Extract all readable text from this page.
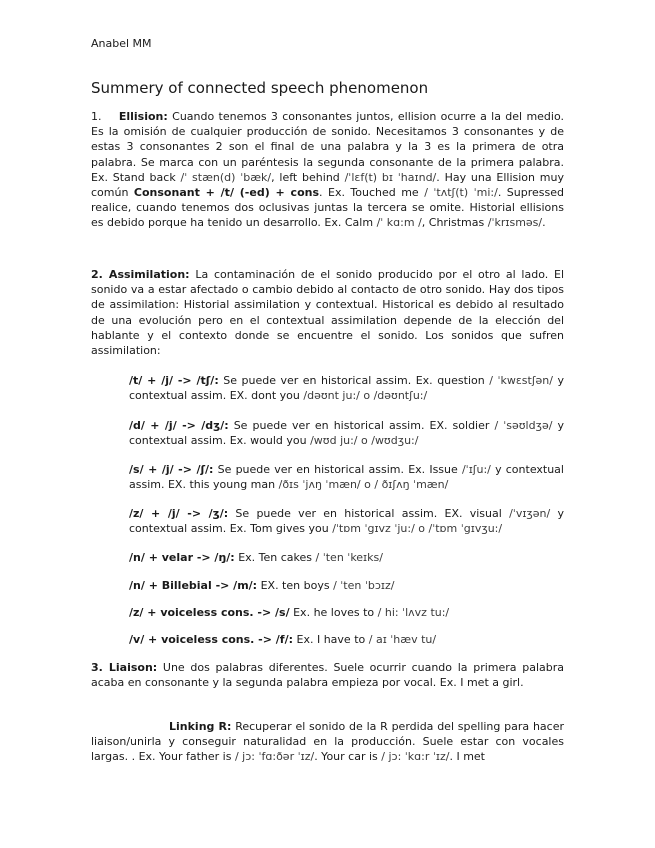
Anabel MM
Summery of connected speech phenomenon

1. Ellision: Cuando tenemos 3 consonantes juntos, ellision ocurre a la del medio. Es la omisión de cualquier producción de sonido. Necesitamos 3 consonantes y de estas 3 consonantes 2 son el final de una palabra y la 3 es la primera de otra palabra. Se marca con un paréntesis la segunda consonante de la primera palabra. Ex. Stand back /ˈ stæn(d) ˈbæk/, left behind /ˈlɛf(t) bɪ ˈhaɪnd/. Hay una Ellision muy común Consonant + /t/ (-ed) + cons. Ex. Touched me / ˈtʌtʃ(t) ˈmi:/. Supressed realice, cuando tenemos dos oclusivas juntas la tercera se omite. Historial ellisions es debido porque ha tenido un desarrollo. Ex. Calm /ˈ kɑ:m /, Christmas /ˈkrɪsməs/.

2. Assimilation: La contaminación de el sonido producido por el otro al lado. El sonido va a estar afectado o cambio debido al contacto de otro sonido. Hay dos tipos de assimilation: Historial assimilation y contextual. Historical es debido al resultado de una evolución pero en el contextual assimilation depende de la elección del hablante y el contexto donde se encuentre el sonido. Los sonidos que sufren assimilation:

/t/ + /j/ -> /tʃ/: Se puede ver en historical assim. Ex. question / ˈkwɛstʃən/ y contextual assim. EX. dont you /dəʊnt ju:/ o /dəʊntʃu:/

/d/ + /j/ -> /dʒ/: Se puede ver en historical assim. EX. soldier / ˈsəʊldʒə/ y contextual assim. Ex. would you /wʊd ju:/ o /wʊdʒu:/

/s/ + /j/ -> /ʃ/: Se puede ver en historical assim. Ex. Issue /ˈɪʃu:/ y contextual assim. EX. this young man /ðɪs ˈjʌŋ ˈmæn/ o / ðɪʃʌŋ ˈmæn/

/z/ + /j/ -> /ʒ/: Se puede ver en historical assim. EX. visual /ˈvɪʒən/ y contextual assim. Ex. Tom gives you /ˈtɒm ˈgɪvz ˈju:/ o /ˈtɒm ˈgɪvʒu:/

/n/ + velar -> /ŋ/: Ex. Ten cakes / ˈten ˈkeɪks/

/n/ + Billebial -> /m/: EX. ten boys / ˈten ˈbɔɪz/

/z/ + voiceless cons. -> /s/ Ex. he loves to / hi: ˈlʌvz tu:/

/v/ + voiceless cons. -> /f/: Ex. I have to / aɪ ˈhæv tu/

3. Liaison: Une dos palabras diferentes. Suele ocurrir cuando la primera palabra acaba en consonante y la segunda palabra empieza por vocal. Ex. I met a girl.

Linking R: Recuperar el sonido de la R perdida del spelling para hacer liaison/unirla y conseguir naturalidad en la producción. Suele estar con vocales largas. . Ex. Your father is / jɔ: ˈfɑ:ðər ˈɪz/. Your car is / jɔ: ˈkɑ:r ˈɪz/. I met
